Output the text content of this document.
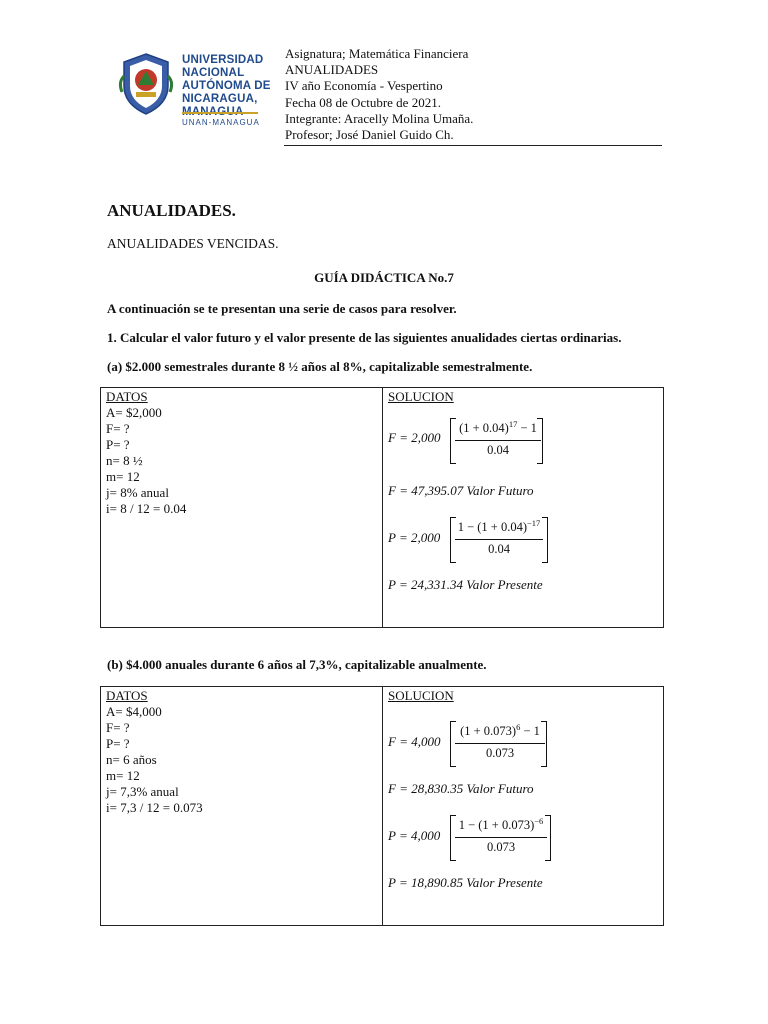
UNIVERSIDAD
NACIONAL
AUTÓNOMA DE
NICARAGUA,
UNAN-MANAGUA
Asignatura; Matemática Financiera
ANUALIDADES
IV año Economía - Vespertino
Fecha 08 de Octubre de 2021.
Integrante: Aracelly Molina Umaña.
Profesor; José Daniel Guido Ch.
ANUALIDADES.
ANUALIDADES VENCIDAS.
GUÍA DIDÁCTICA No.7
A continuación se te presentan una serie de casos para resolver.
1. Calcular el valor futuro y el valor presente de las siguientes anualidades ciertas ordinarias.
(a) $2.000 semestrales durante 8 ½ años al 8%, capitalizable semestralmente.
DATOS	SOLUCION
A= $2,000
F= ?
P= ?
n= 8 ½
m= 12
j= 8% anual
i= 8 / 12 = 0.04
F = 2,000
$(1 + 0.04)^{17} - 1$
0.04
F = 47,395.07 Valor Futuro
P = 2,000
$1 - (1 + 0.04)^{-17}$
0.04
P = 24,331.34 Valor Presente
(b) $4.000 anuales durante 6 años al 7,3%, capitalizable anualmente.
DATOS	SOLUCION
A= $4,000
F= ?
P= ?
n= 6 años
m= 12
j= 7,3% anual
i= 7,3 / 12 = 0.073
F = 4,000
$(1 + 0.073)^6 - 1$
0.073
F = 28,830.35 Valor Futuro
P = 4,000
$1 - (1 + 0.073)^{-6}$
0.073
P = 18,890.85 Valor Presente
